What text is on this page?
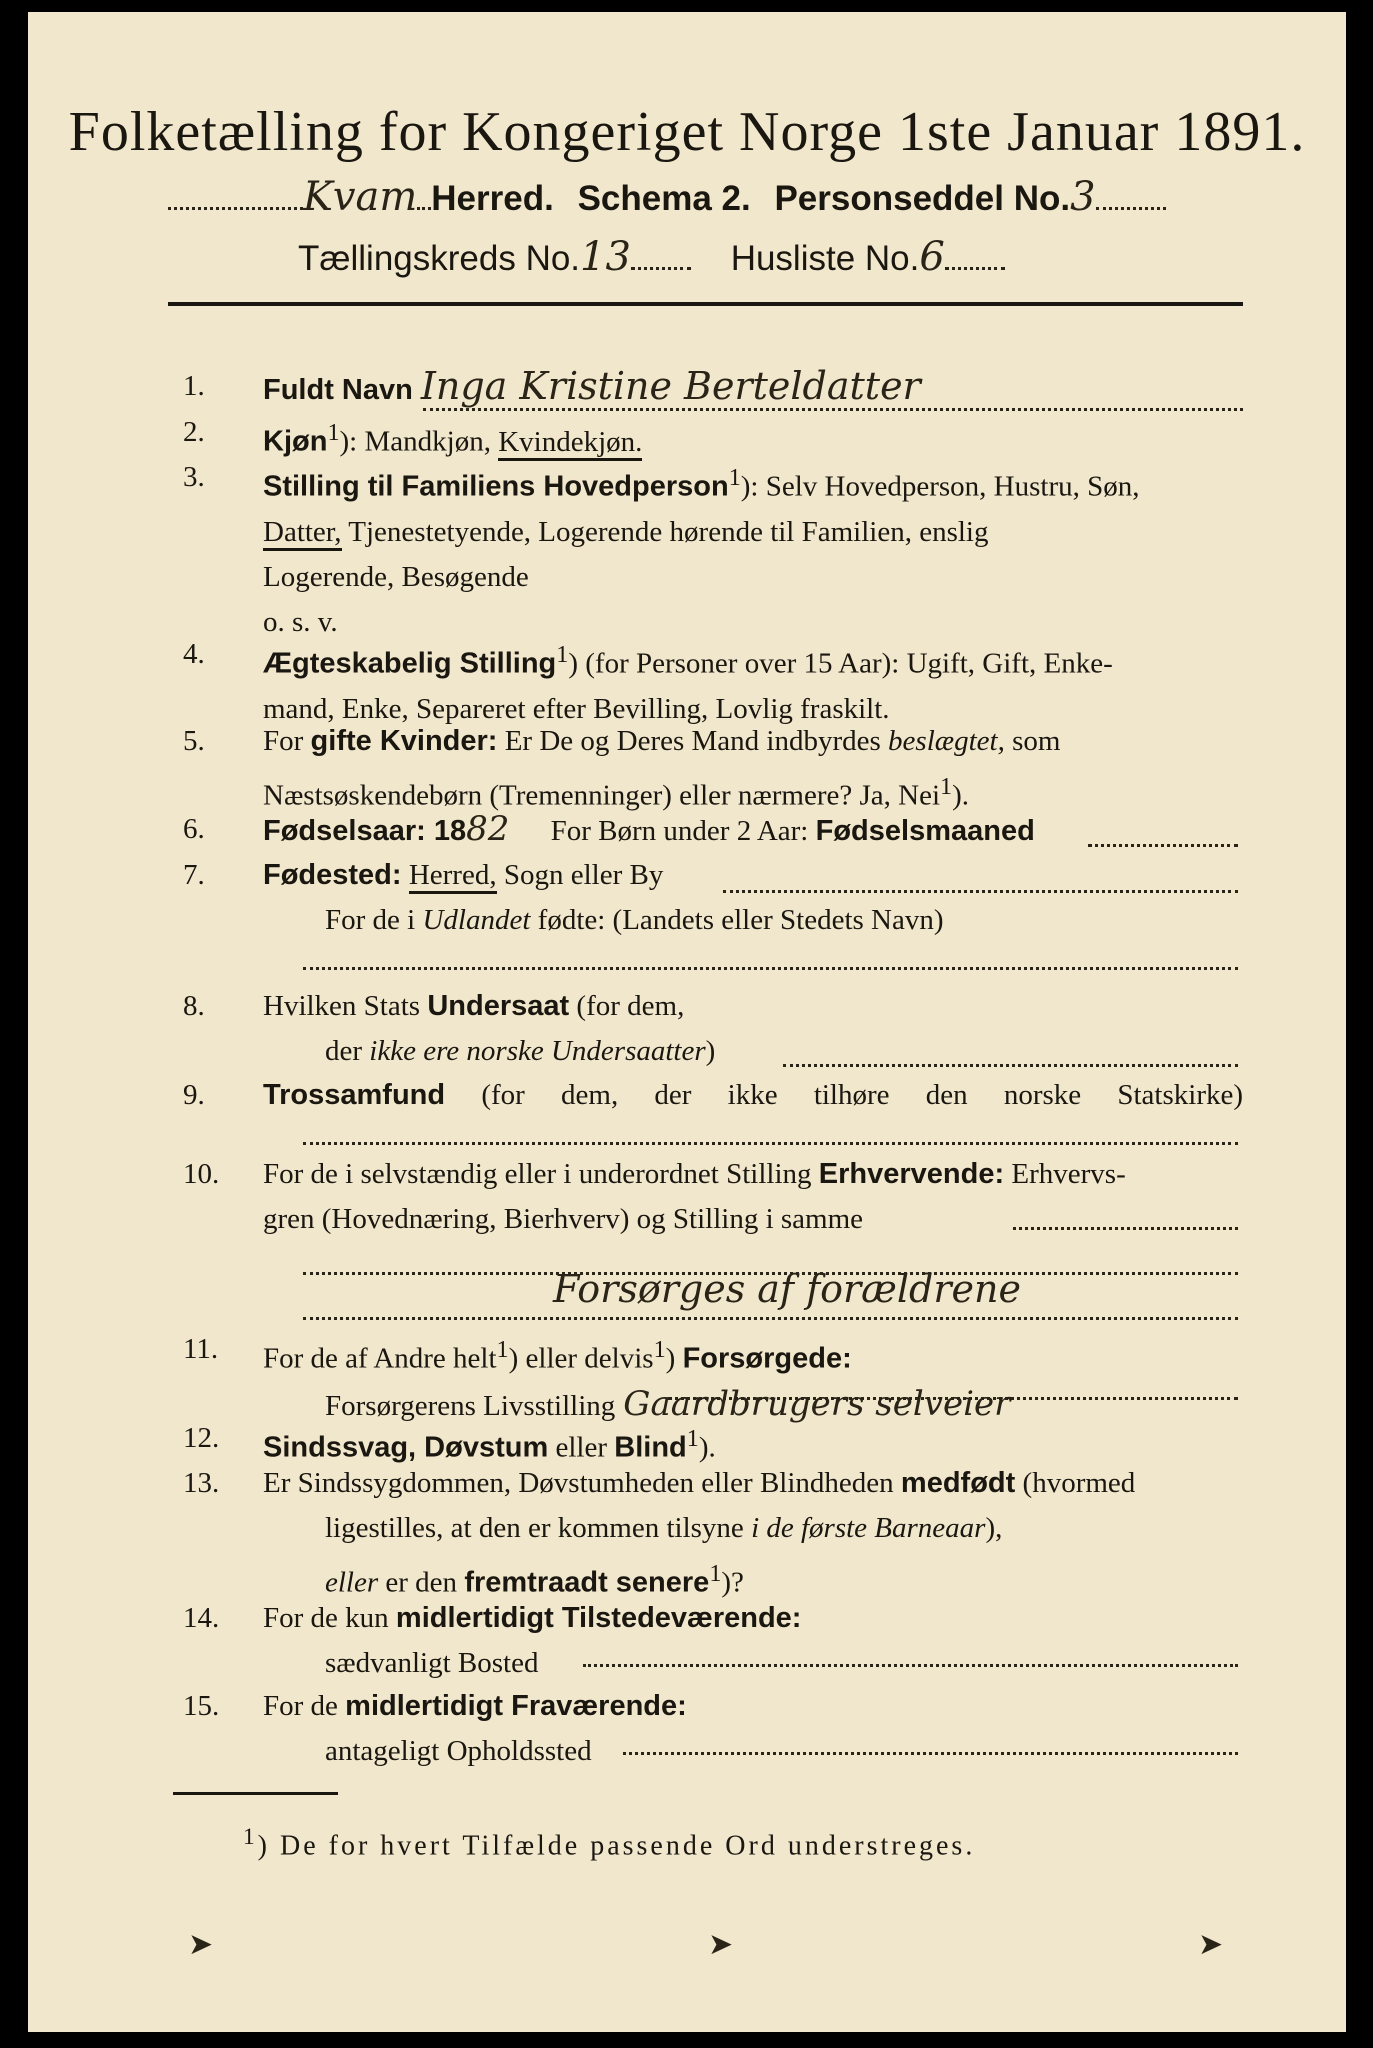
Folketælling for Kongeriget Norge 1ste Januar 1891.
Kvam Herred. Schema 2. Personseddel No.3
Tællingskreds No.13	Husliste No.6
1.	Fuldt Navn Inga Kristine Berteldatter
2.	Kjøn$^1$): Mandkjøn, Kvindekjøn.
3.	Stilling til Familiens Hovedperson$^1$): Selv Hovedperson, Hustru, Søn,
Datter, Tjenestetyende, Logerende hørende til Familien, enslig
Logerende, Besøgende
o. s. v.
4.	Ægteskabelig Stilling$^1$) (for Personer over 15 Aar): Ugift, Gift, Enke-
mand, Enke, Separeret efter Bevilling, Lovlig fraskilt.
5.	For gifte Kvinder: Er De og Deres Mand indbyrdes beslægtet, som
Næstsøskendebørn (Tremenninger) eller nærmere? Ja, Nei$^1$).
6.	Fødselsaar: 1882 For Børn under 2 Aar: Fødselsmaaned
7.	Fødested: Herred, Sogn eller By
For de i Udlandet fødte: (Landets eller Stedets Navn)
8.	Hvilken Stats Undersaat (for dem,
der ikke ere norske Undersaatter)
9.	Trossamfund (for dem, der ikke tilhøre den norske Statskirke)
10.	For de i selvstændig eller i underordnet Stilling Erhvervende: Erhvervs-
gren (Hovednæring, Bierhverv) og Stilling i samme
Forsørges af forældrene
11.	For de af Andre helt$^1$) eller delvis$^1$) Forsørgede:
Forsørgerens Livsstilling Gaardbrugers selveier
12.	Sindssvag, Døvstum eller Blind$^1$).
13.	Er Sindssygdommen, Døvstumheden eller Blindheden medfødt (hvormed
ligestilles, at den er kommen tilsyne i de første Barneaar),
eller er den fremtraadt senere$^1$)?
14.	For de kun midlertidigt Tilstedeværende:
sædvanligt Bosted
15.	For de midlertidigt Fraværende:
antageligt Opholdssted
$^1$) De for hvert Tilfælde passende Ord understreges.
➤	➤	➤
